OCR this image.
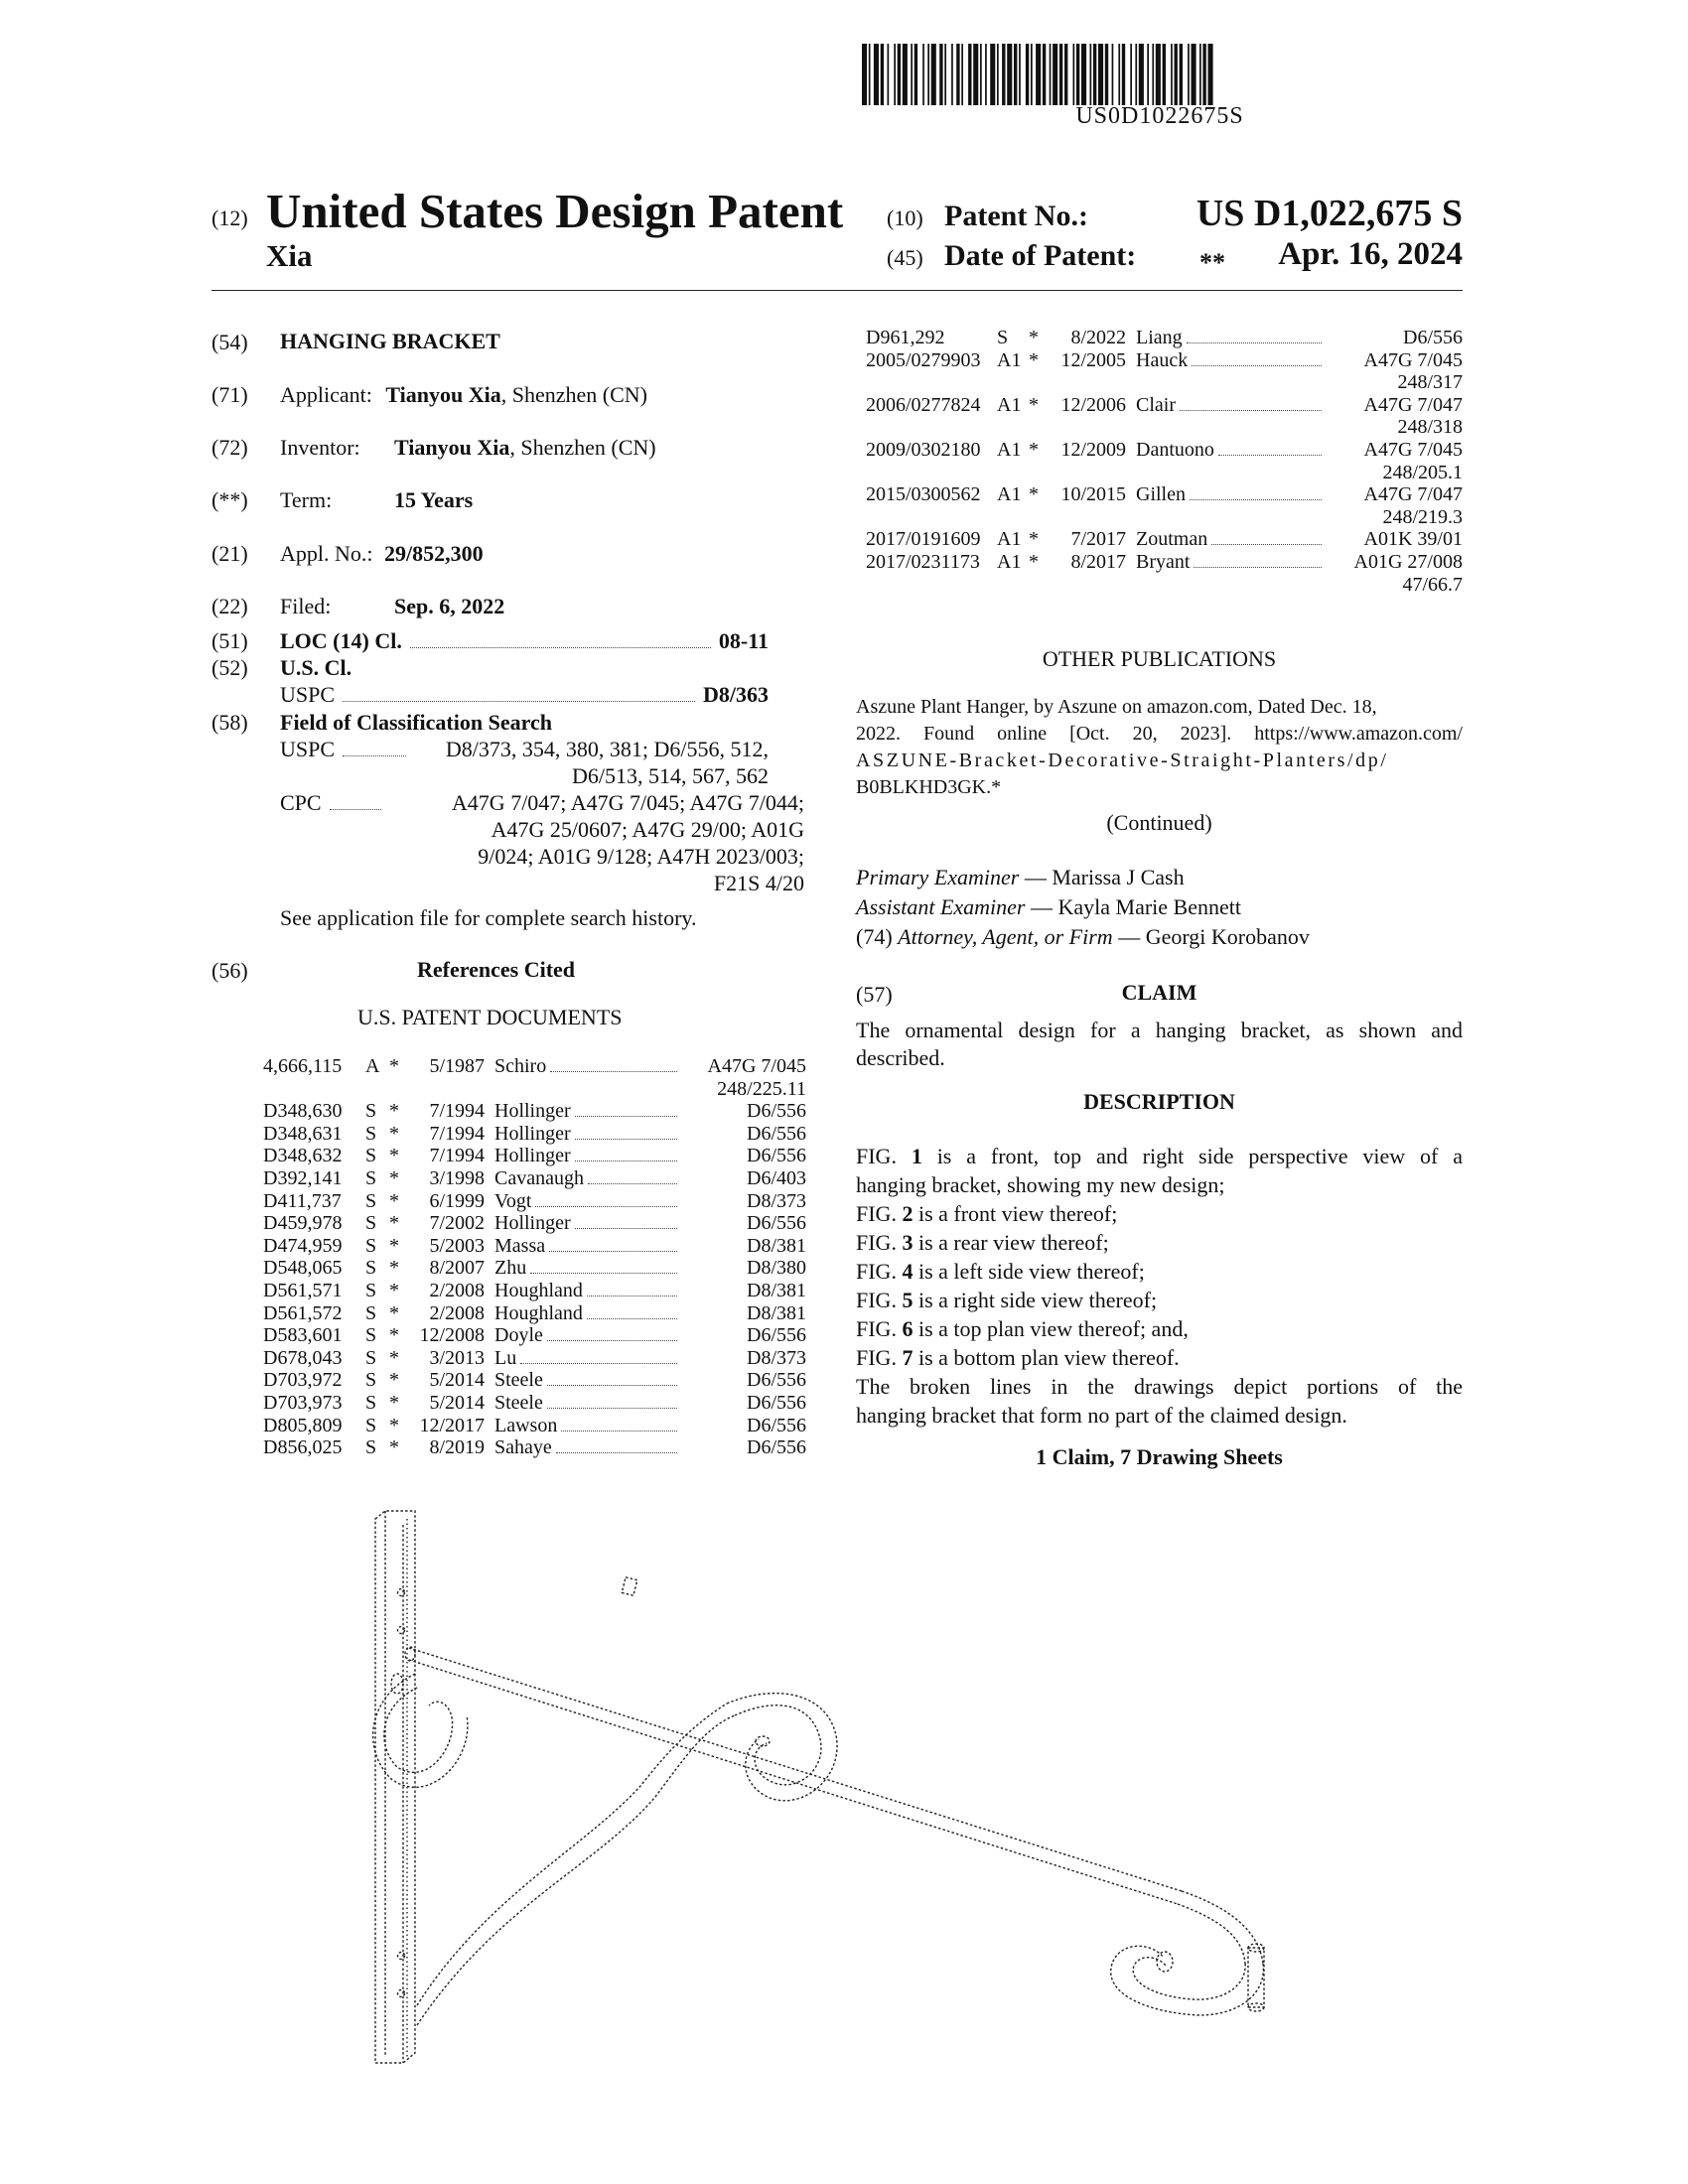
US0D1022675S
(12) United States Design Patent
Xia
(10) Patent No.:	US D1,022,675 S
(45) Date of Patent: **	Apr. 16, 2024
(54) HANGING BRACKET
(71) Applicant: Tianyou Xia, Shenzhen (CN)
(72) Inventor: Tianyou Xia, Shenzhen (CN)
(**) Term:	15 Years
(21) Appl. No.: 29/852,300
(22) Filed:	Sep. 6, 2022
(51) LOC (14) Cl.	08-11
(52) U.S. Cl.
USPC	D8/363
(58) Field of Classification Search
USPC	D8/373, 354, 380, 381; D6/556, 512,
D6/513, 514, 567, 562
CPC	A47G 7/047; A47G 7/045; A47G 7/044;
A47G 25/0607; A47G 29/00; A01G
9/024; A01G 9/128; A47H 2023/003;
F21S 4/20
See application file for complete search history.
(56)	References Cited
U.S. PATENT DOCUMENTS
4,666,115	A	*	5/1987	Schiro	A47G 7/045
248/225.11					
D348,630	S	*	7/1994	Hollinger	D6/556
D348,631	S	*	7/1994	Hollinger	D6/556
D348,632	S	*	7/1994	Hollinger	D6/556
D392,141	S	*	3/1998	Cavanaugh	D6/403
D411,737	S	*	6/1999	Vogt	D8/373
D459,978	S	*	7/2002	Hollinger	D6/556
D474,959	S	*	5/2003	Massa	D8/381
D548,065	S	*	8/2007	Zhu	D8/380
D561,571	S	*	2/2008	Houghland	D8/381
D561,572	S	*	2/2008	Houghland	D8/381
D583,601	S	*	12/2008	Doyle	D6/556
D678,043	S	*	3/2013	Lu	D8/373
D703,972	S	*	5/2014	Steele	D6/556
D703,973	S	*	5/2014	Steele	D6/556
D805,809	S	*	12/2017	Lawson	D6/556
D856,025	S	*	8/2019	Sahaye	D6/556
D961,292	S	*	8/2022	Liang	D6/556
2005/0279903	A1	*	12/2005	Hauck	A47G 7/045
248/317					
2006/0277824	A1	*	12/2006	Clair	A47G 7/047
248/318					
2009/0302180	A1	*	12/2009	Dantuono	A47G 7/045
248/205.1					
2015/0300562	A1	*	10/2015	Gillen	A47G 7/047
248/219.3					
2017/0191609	A1	*	7/2017	Zoutman	A01K 39/01
2017/0231173	A1	*	8/2017	Bryant	A01G 27/008
47/66.7					
OTHER PUBLICATIONS
Aszune Plant Hanger, by Aszune on amazon.com, Dated Dec. 18,
2022. Found online [Oct. 20, 2023]. https://www.amazon.com/
ASZUNE-Bracket-Decorative-Straight-Planters/dp/
B0BLKHD3GK.*
(Continued)
Primary Examiner — Marissa J Cash
Assistant Examiner — Kayla Marie Bennett
(74) Attorney, Agent, or Firm — Georgi Korobanov
(57)	CLAIM
The ornamental design for a hanging bracket, as shown and
described.
DESCRIPTION
FIG. 1 is a front, top and right side perspective view of a
hanging bracket, showing my new design;
FIG. 2 is a front view thereof;
FIG. 3 is a rear view thereof;
FIG. 4 is a left side view thereof;
FIG. 5 is a right side view thereof;
FIG. 6 is a top plan view thereof; and,
FIG. 7 is a bottom plan view thereof.
The broken lines in the drawings depict portions of the
hanging bracket that form no part of the claimed design.
1 Claim, 7 Drawing Sheets
